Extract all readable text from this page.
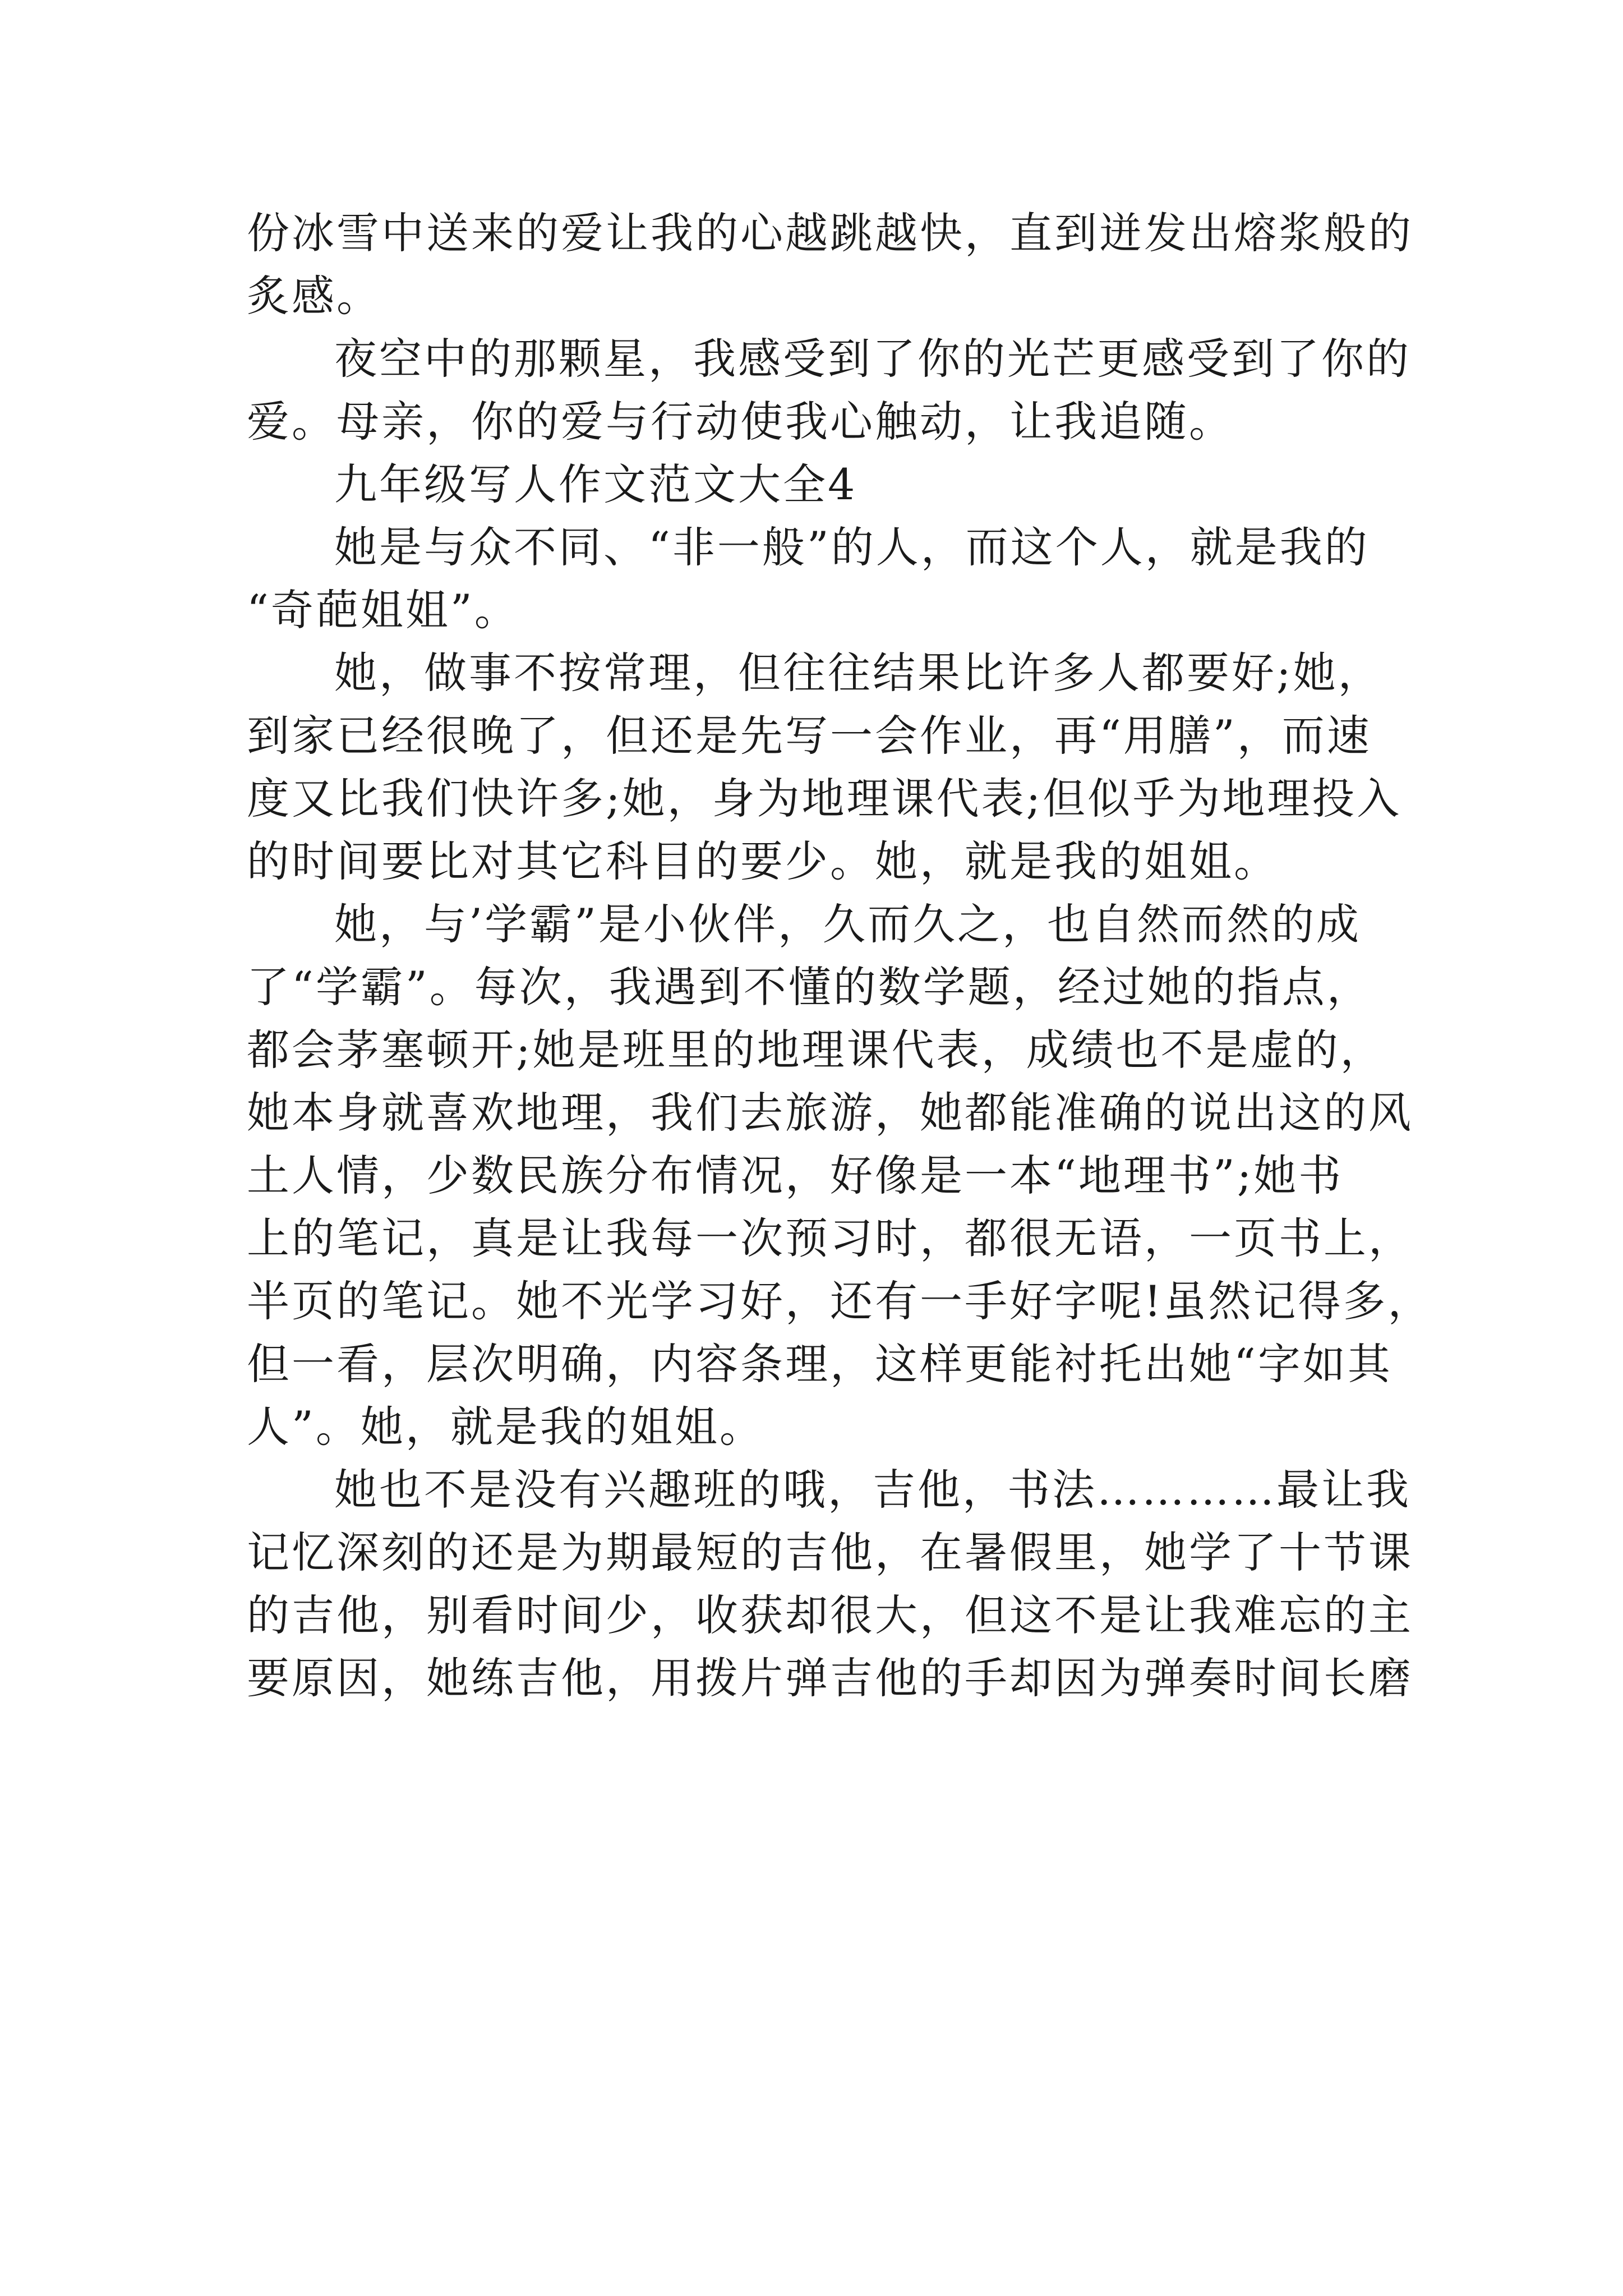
份冰雪中送来的爱让我的心越跳越快，直到迸发出熔浆般的
炙感。
夜空中的那颗星，我感受到了你的光芒更感受到了你的
爱。母亲，你的爱与行动使我心触动，让我追随。
九年级写人作文范文大全4
她是与众不同、“非一般”的人，而这个人，就是我的
“奇葩姐姐”。
她，做事不按常理，但往往结果比许多人都要好;她，
到家已经很晚了，但还是先写一会作业，再“用膳”，而速
度又比我们快许多;她，身为地理课代表;但似乎为地理投入
的时间要比对其它科目的要少。她，就是我的姐姐。
她，与’学霸”是小伙伴，久而久之，也自然而然的成
了“学霸”。每次，我遇到不懂的数学题，经过她的指点，
都会茅塞顿开;她是班里的地理课代表，成绩也不是虚的，
她本身就喜欢地理，我们去旅游，她都能准确的说出这的风
土人情，少数民族分布情况，好像是一本“地理书”;她书
上的笔记，真是让我每一次预习时，都很无语，一页书上，
半页的笔记。她不光学习好，还有一手好字呢!虽然记得多，
但一看，层次明确，内容条理，这样更能衬托出她“字如其
人”。她，就是我的姐姐。
她也不是没有兴趣班的哦，吉他，书法…………最让我
记忆深刻的还是为期最短的吉他，在暑假里，她学了十节课
的吉他，别看时间少，收获却很大，但这不是让我难忘的主
要原因，她练吉他，用拨片弹吉他的手却因为弹奏时间长磨
